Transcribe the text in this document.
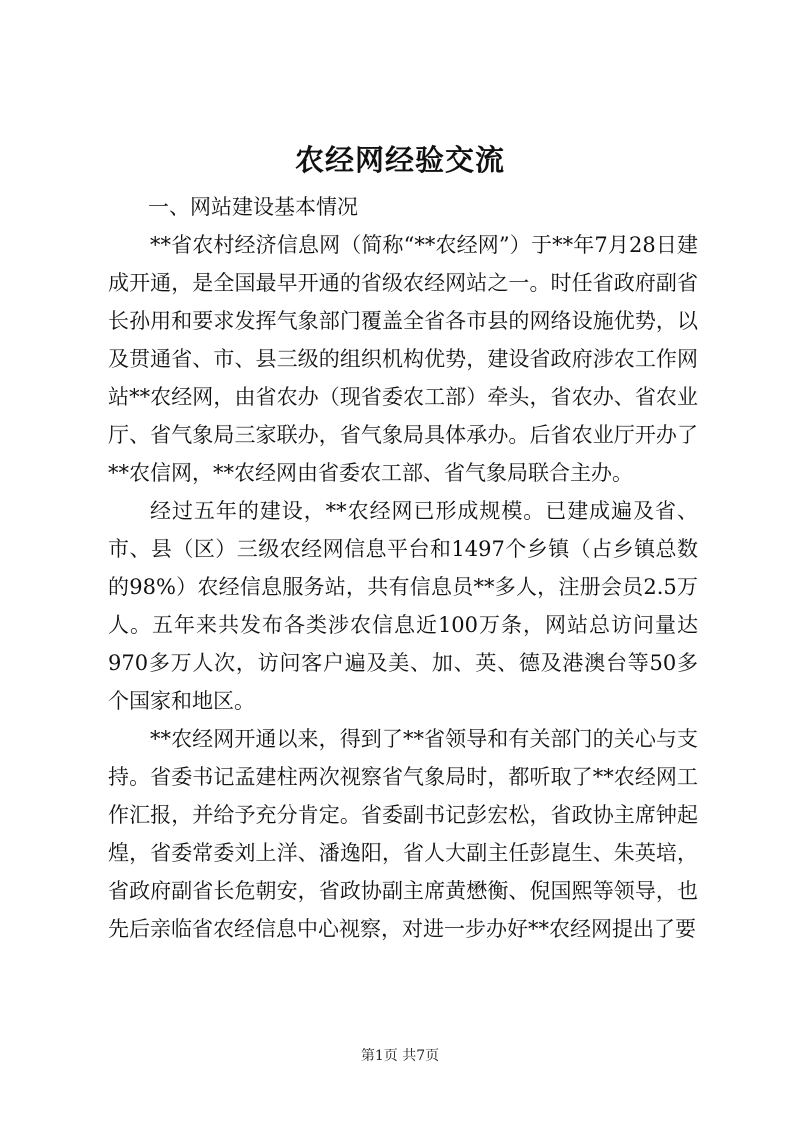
农经网经验交流

一、网站建设基本情况

**省农村经济信息网（简称“**农经网”）于**年7月28日建成开通，是全国最早开通的省级农经网站之一。时任省政府副省长孙用和要求发挥气象部门覆盖全省各市县的网络设施优势，以及贯通省、市、县三级的组织机构优势，建设省政府涉农工作网站**农经网，由省农办（现省委农工部）牵头，省农办、省农业厅、省气象局三家联办，省气象局具体承办。后省农业厅开办了**农信网，**农经网由省委农工部、省气象局联合主办。

经过五年的建设，**农经网已形成规模。已建成遍及省、市、县（区）三级农经网信息平台和1497个乡镇（占乡镇总数的98%）农经信息服务站，共有信息员**多人，注册会员2.5万人。五年来共发布各类涉农信息近100万条，网站总访问量达970多万人次，访问客户遍及美、加、英、德及港澳台等50多个国家和地区。

**农经网开通以来，得到了**省领导和有关部门的关心与支持。省委书记孟建柱两次视察省气象局时，都听取了**农经网工作汇报，并给予充分肯定。省委副书记彭宏松，省政协主席钟起煌，省委常委刘上洋、潘逸阳，省人大副主任彭崑生、朱英培，省政府副省长危朝安，省政协副主席黄懋衡、倪国熙等领导，也先后亲临省农经信息中心视察，对进一步办好**农经网提出了要

第1页 共7页
